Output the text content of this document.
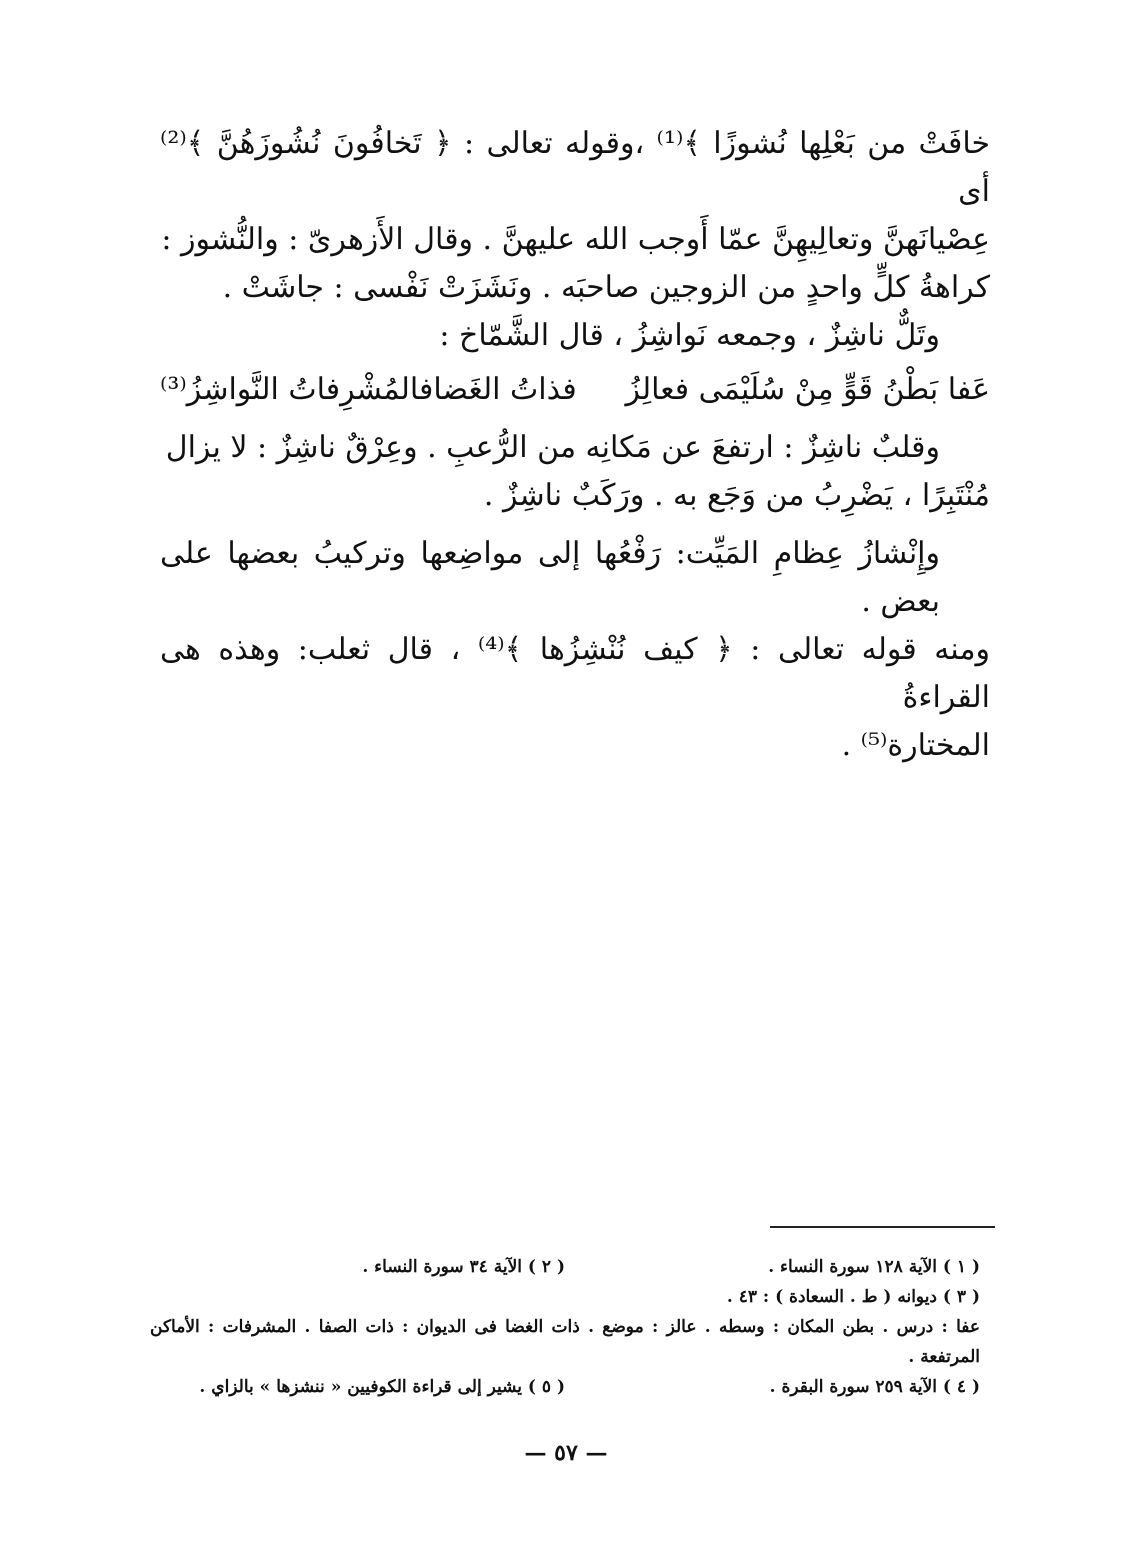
خافَتْ من بَعْلِها نُشوزًا ﴾⁽¹⁾ ،وقوله تعالى : ﴿ تَخافُونَ نُشُوزَهُنَّ ﴾⁽²⁾ أى

عِصْيانَهنَّ وتعالِيهِنَّ عمّا أَوجب الله عليهنَّ . وقال الأَزهرىّ : والنُّشوز :

كراهةُ كلٍّ واحدٍ من الزوجين صاحبَه . ونَشَزَتْ نَفْسى : جاشَتْ .

وتَلٌّ ناشِزٌ ، وجمعه نَواشِزُ ، قال الشَّمّاخ :

عَفا بَطْنُ قَوٍّ مِنْ سُلَيْمَى فعالِزُ
فذاتُ الغَضافالمُشْرِفاتُ النَّواشِزُ⁽³⁾

وقلبٌ ناشِزٌ : ارتفعَ عن مَكانِه من الرُّعبِ . وعِرْقٌ ناشِزٌ : لا يزال

مُنْتَبِرًا ، يَضْرِبُ من وَجَع به . ورَكَبٌ ناشِزٌ .

وإِنْشازُ عِظامِ المَيِّت: رَفْعُها إلى مواضِعها وتركيبُ بعضها على بعض .

ومنه قوله تعالى : ﴿ كيف نُنْشِزُها ﴾⁽⁴⁾ ، قال ثعلب: وهذه هى القراءةُ

المختارة⁽⁵⁾ .

( ١ ) الآية ١٢٨ سورة النساء .
( ٢ ) الآية ٣٤ سورة النساء .
( ٣ ) ديوانه ( ط . السعادة ) : ٤٣ .
عفا : درس . بطن المكان : وسطه . عالز : موضع . ذات الغضا فى الديوان : ذات الصفا . المشرفات : الأماكن المرتفعة .
( ٤ ) الآية ٢٥٩ سورة البقرة .
( ٥ ) يشير إلى قراءة الكوفيين « ننشزها » بالزاي .
— ٥٧ —
